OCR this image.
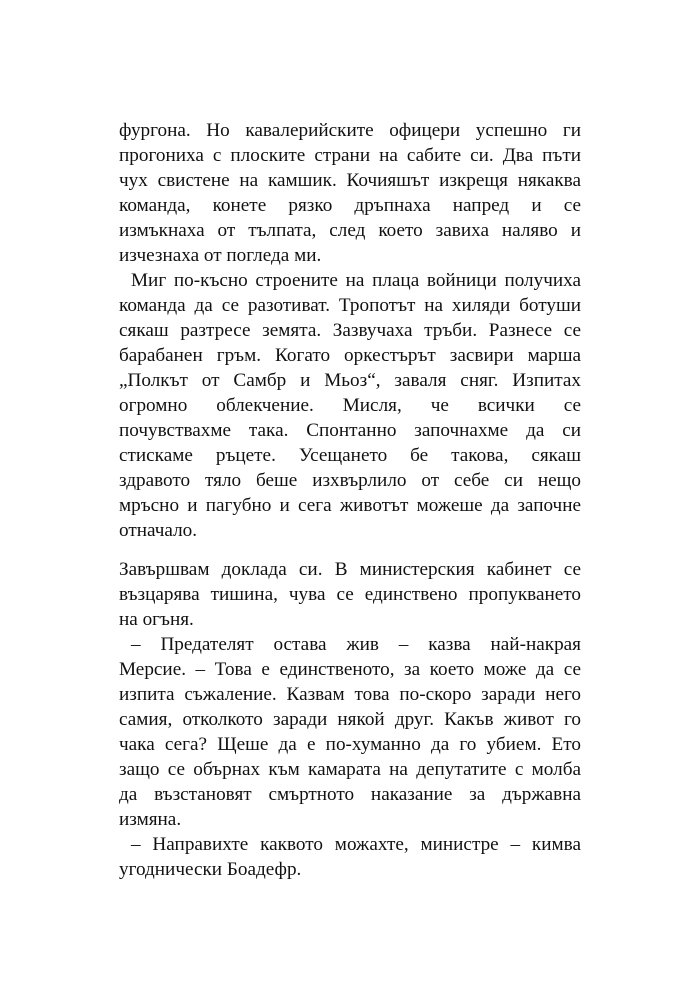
фургона. Но кавалерийските офицери успешно ги
прогониха с плоските страни на сабите си. Два пъти
чух свистене на камшик. Кочияшът изкрещя някаква
команда, конете рязко дръпнаха напред и се
измъкнаха от тълпата, след което завиха наляво и
изчезнаха от погледа ми.
Миг по-късно строените на плаца войници получиха
команда да се разотиват. Тропотът на хиляди ботуши
сякаш разтресе земята. Зазвучаха тръби. Разнесе се
барабанен гръм. Когато оркестърът засвири марша
„Полкът от Самбр и Мьоз“, заваля сняг. Изпитах
огромно облекчение. Мисля, че всички се
почувствахме така. Спонтанно започнахме да си
стискаме ръцете. Усещането бе такова, сякаш
здравото тяло беше изхвърлило от себе си нещо
мръсно и пагубно и сега животът можеше да започне
отначало.
Завършвам доклада си. В министерския кабинет се
възцарява тишина, чува се единствено пропукването
на огъня.
– Предателят остава жив – казва най-накрая
Мерсие. – Това е единственото, за което може да се
изпита съжаление. Казвам това по-скоро заради него
самия, отколкото заради някой друг. Какъв живот го
чака сега? Щеше да е по-хуманно да го убием. Ето
защо се обърнах към камарата на депутатите с молба
да възстановят смъртното наказание за държавна
измяна.
– Направихте каквото можахте, министре – кимва
угоднически Боадефр.
